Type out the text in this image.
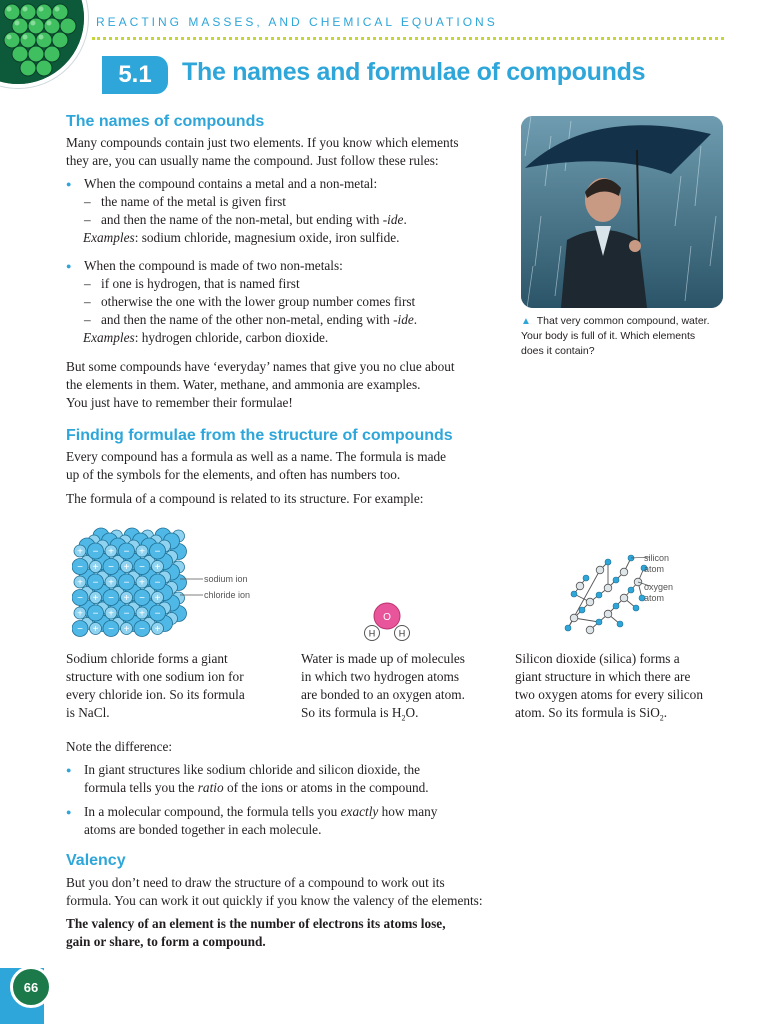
REACTING MASSES, AND CHEMICAL EQUATIONS
5.1 The names and formulae of compounds
The names of compounds
Many compounds contain just two elements. If you know which elements
they are, you can usually name the compound. Just follow these rules:
● When the compound contains a metal and a non-metal:
– the name of the metal is given first
– and then the name of the non-metal, but ending with -ide.
Examples: sodium chloride, magnesium oxide, iron sulfide.
● When the compound is made of two non-metals:
– if one is hydrogen, that is named first
– otherwise the one with the lower group number comes first
– and then the name of the other non-metal, ending with -ide.
Examples: hydrogen chloride, carbon dioxide.
But some compounds have ‘everyday’ names that give you no clue about
the elements in them. Water, methane, and ammonia are examples.
You just have to remember their formulae!
▲ That very common compound, water.
Your body is full of it. Which elements
does it contain?
Finding formulae from the structure of compounds
Every compound has a formula as well as a name. The formula is made
up of the symbols for the elements, and often has numbers too.
The formula of a compound is related to its structure. For example:
+ − + − + −
− + − + − +
+ − + − + −
− + − + − +
+ − + − + −
− + − + − +
sodium ion
chloride ion
O
H	H
silicon
atom
oxygen
atom
Sodium chloride forms a giant
structure with one sodium ion for
every chloride ion. So its formula
is NaCl.
Water is made up of molecules
in which two hydrogen atoms
are bonded to an oxygen atom.
So its formula is $H_2O$.
Silicon dioxide (silica) forms a
giant structure in which there are
two oxygen atoms for every silicon
atom. So its formula is SiO$_2$.
Note the difference:
● In giant structures like sodium chloride and silicon dioxide, the
formula tells you the ratio of the ions or atoms in the compound.
● In a molecular compound, the formula tells you exactly how many
atoms are bonded together in each molecule.
Valency
But you don’t need to draw the structure of a compound to work out its
formula. You can work it out quickly if you know the valency of the elements:
The valency of an element is the number of electrons its atoms lose,
gain or share, to form a compound.
66
